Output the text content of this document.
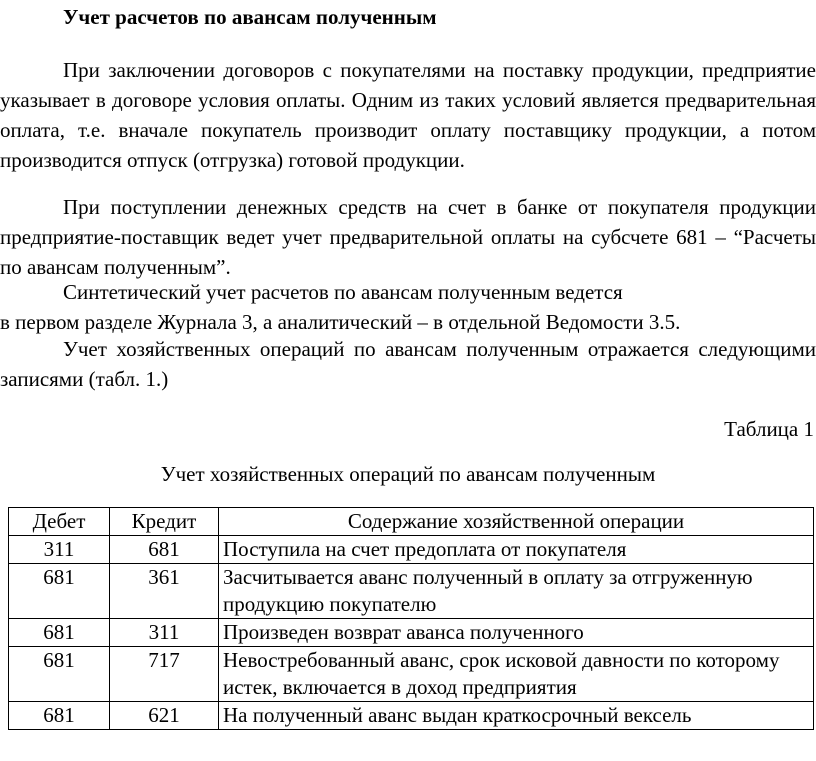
Учет расчетов по авансам полученным

При заключении договоров с покупателями на поставку продукции, предприятие указывает в договоре условия оплаты. Одним из таких условий является предварительная оплата, т.е. вначале покупатель производит оплату поставщику продукции, а потом производится отпуск (отгрузка) готовой продукции.

При поступлении денежных средств на счет в банке от покупателя продукции предприятие-поставщик ведет учет предварительной оплаты на субсчете 681 – “Расчеты по авансам полученным”.

Синтетический учет расчетов по авансам полученным ведется
в первом разделе Журнала 3, а аналитический – в отдельной Ведомости 3.5.

Учет хозяйственных операций по авансам полученным отражается следующими записями (табл. 1.)

Таблица 1
Учет хозяйственных операций по авансам полученным
Дебет	Кредит	Содержание хозяйственной операции
311	681	Поступила на счет предоплата от покупателя
681	361	Засчитывается аванс полученный в оплату за отгруженную продукцию покупателю
681	311	Произведен возврат аванса полученного
681	717	Невостребованный аванс, срок исковой давности по которому истек, включается в доход предприятия
681	621	На полученный аванс выдан краткосрочный вексель
